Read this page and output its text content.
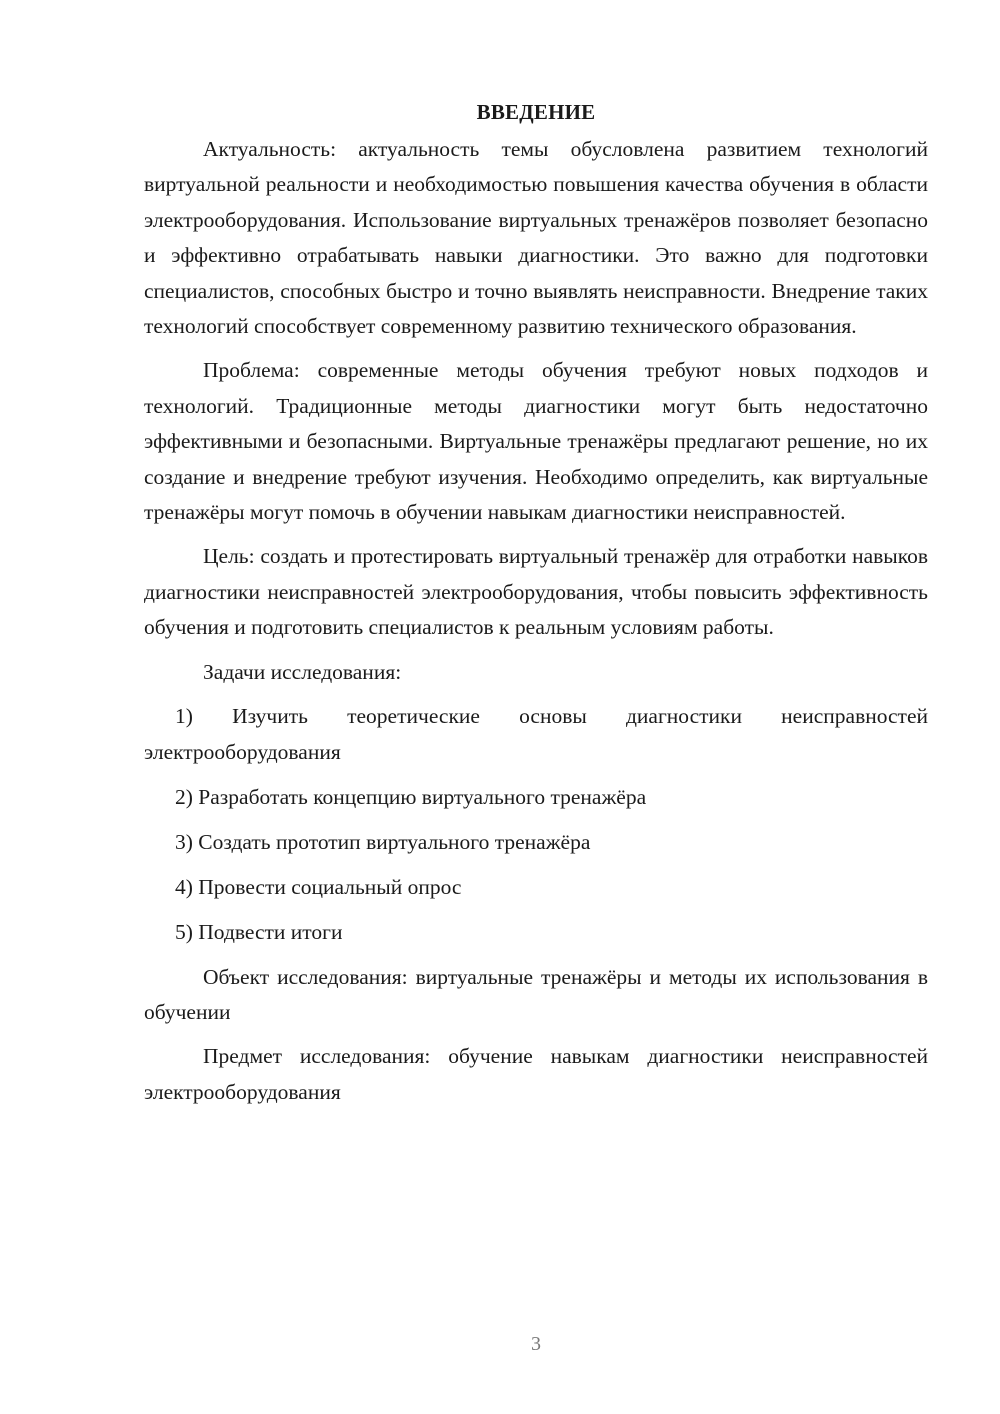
ВВЕДЕНИЕ

Актуальность: актуальность темы обусловлена развитием технологий виртуальной реальности и необходимостью повышения качества обучения в области электрооборудования. Использование виртуальных тренажёров позволяет безопасно и эффективно отрабатывать навыки диагностики. Это важно для подготовки специалистов, способных быстро и точно выявлять неисправности. Внедрение таких технологий способствует современному развитию технического образования.

Проблема: современные методы обучения требуют новых подходов и технологий. Традиционные методы диагностики могут быть недостаточно эффективными и безопасными. Виртуальные тренажёры предлагают решение, но их создание и внедрение требуют изучения. Необходимо определить, как виртуальные тренажёры могут помочь в обучении навыкам диагностики неисправностей.

Цель: создать и протестировать виртуальный тренажёр для отработки навыков диагностики неисправностей электрооборудования, чтобы повысить эффективность обучения и подготовить специалистов к реальным условиям работы.

Задачи исследования:

1) Изучить теоретические основы диагностики неисправностей электрооборудования

2) Разработать концепцию виртуального тренажёра

3) Создать прототип виртуального тренажёра

4) Провести социальный опрос

5) Подвести итоги

Объект исследования: виртуальные тренажёры и методы их использования в обучении

Предмет исследования: обучение навыкам диагностики неисправностей электрооборудования

3
